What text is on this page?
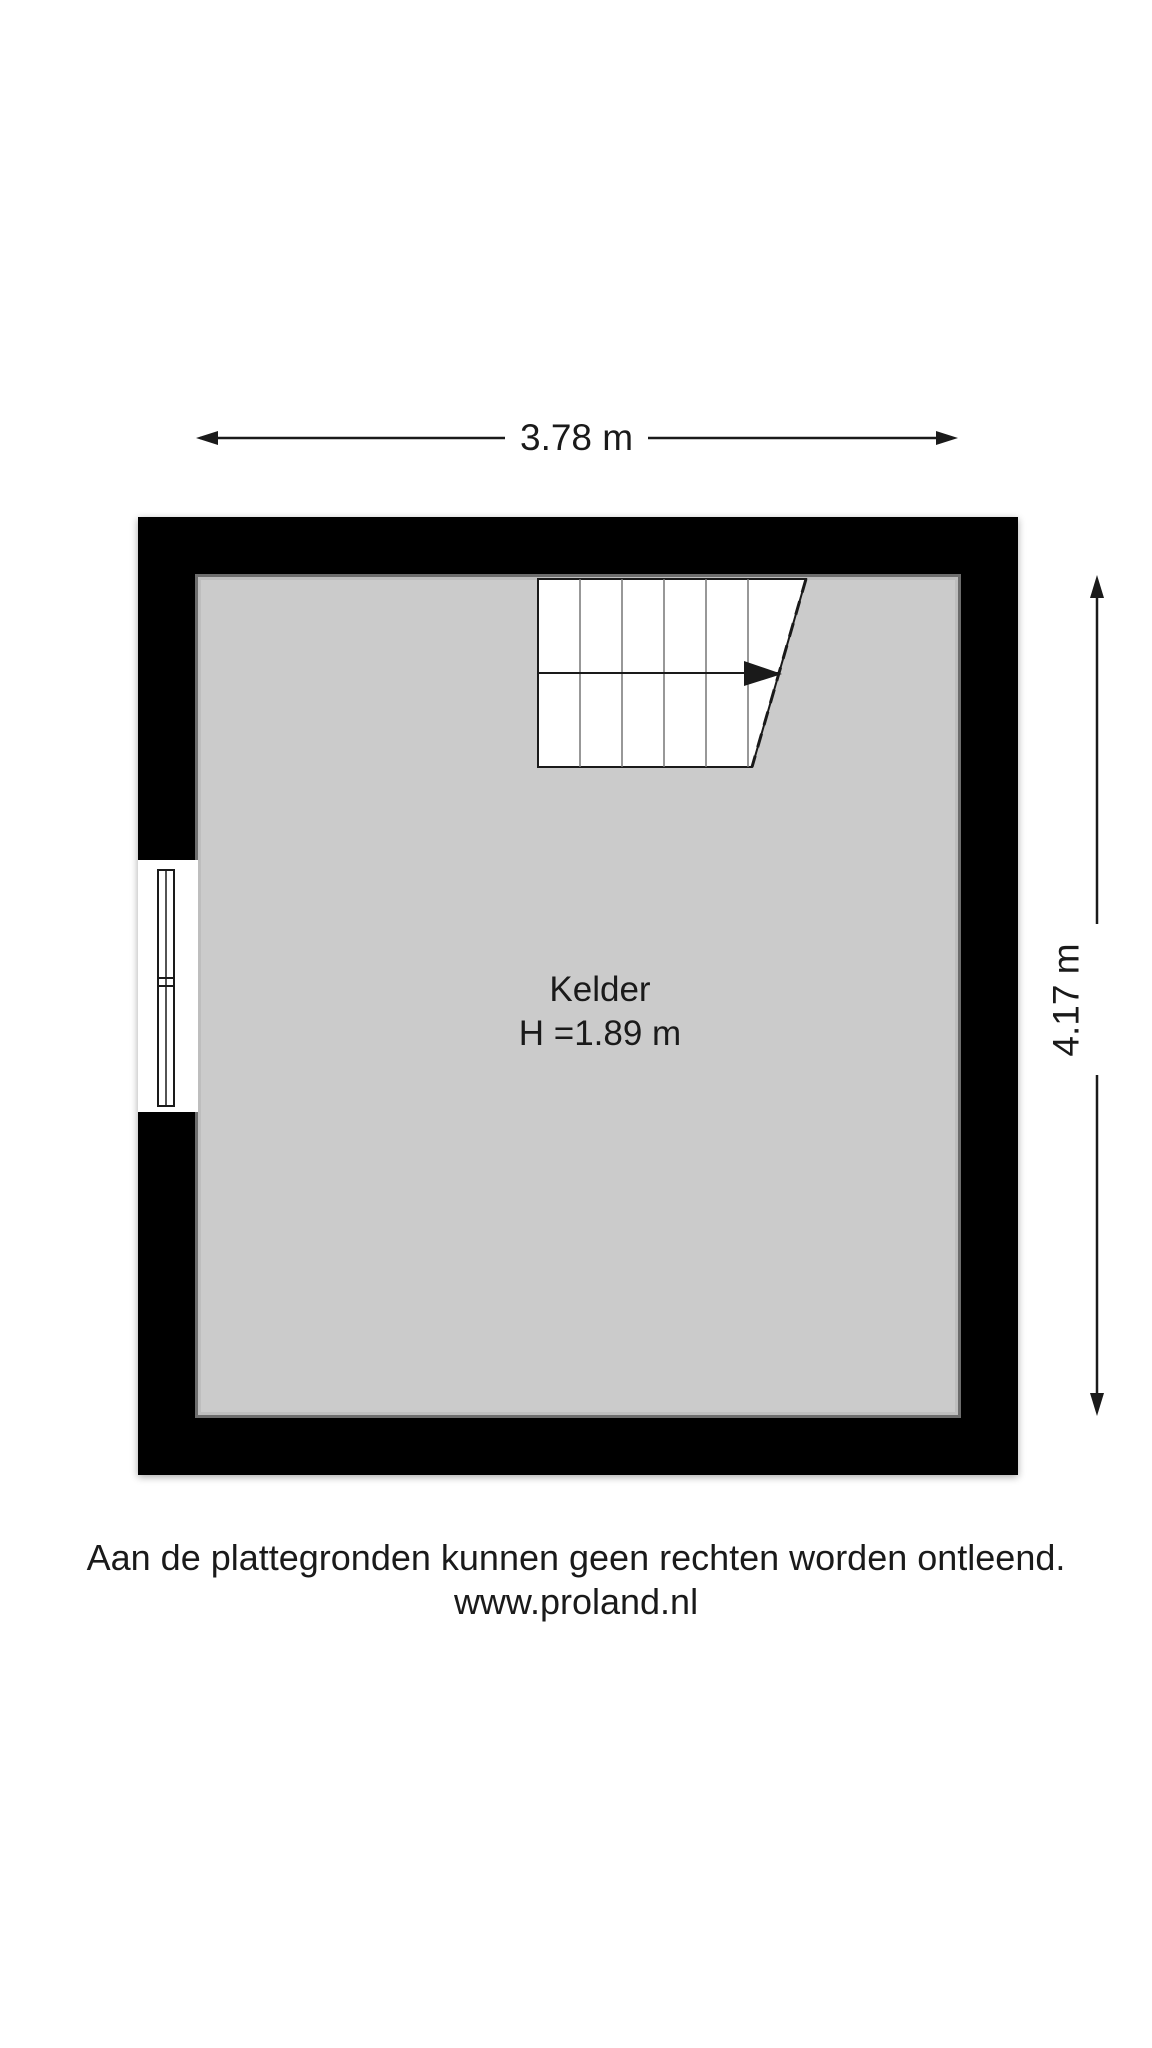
3.78 m
4.17 m
Kelder
H =1.89 m
Aan de plattegronden kunnen geen rechten worden ontleend.
www.proland.nl
